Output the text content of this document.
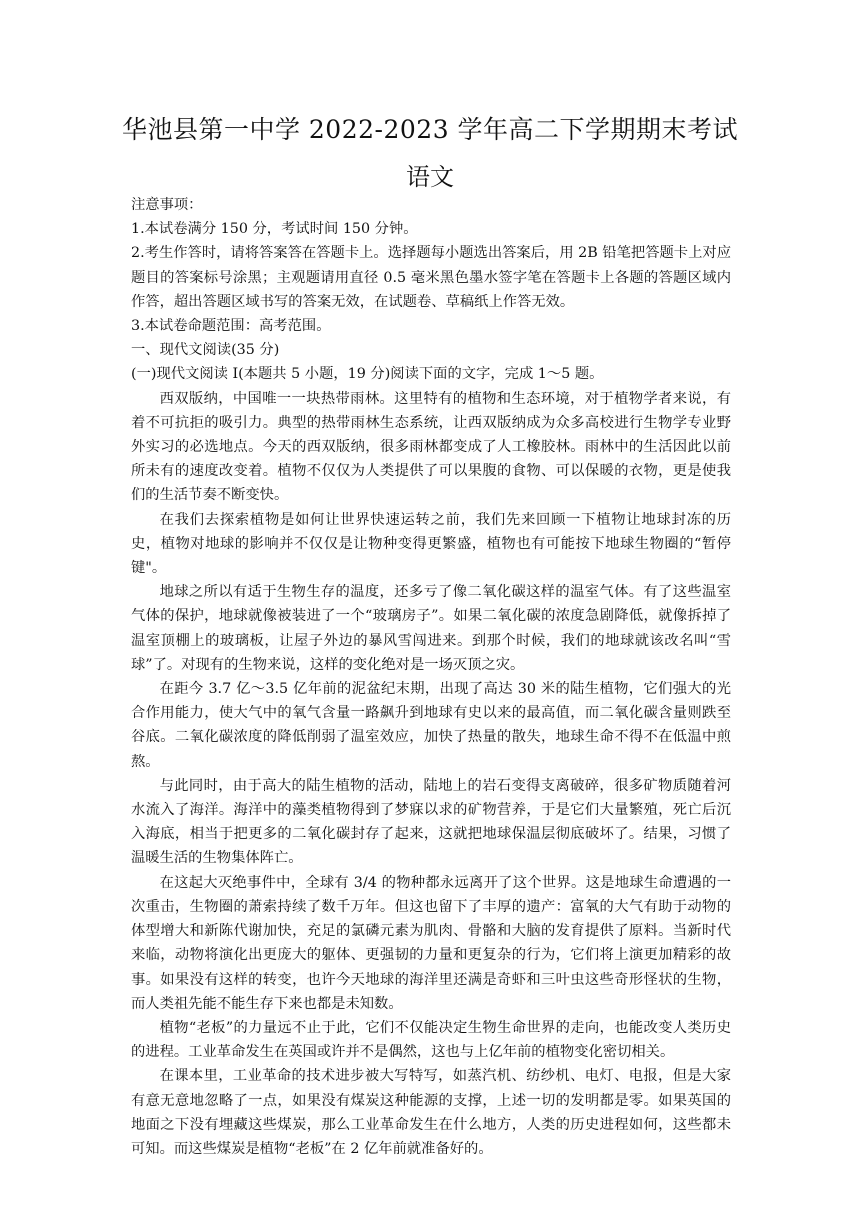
华池县第一中学 2022-2023 学年高二下学期期末考试
语文

注意事项：

1.本试卷满分 150 分，考试时间 150 分钟。

2.考生作答时，请将答案答在答题卡上。选择题每小题选出答案后，用 2B 铅笔把答题卡上对应题目的答案标号涂黑；主观题请用直径 0.5 毫米黑色墨水签字笔在答题卡上各题的答题区域内作答，超出答题区域书写的答案无效，在试题卷、草稿纸上作答无效。

3.本试卷命题范围：高考范围。

一、现代文阅读(35 分)

(一)现代文阅读 I(本题共 5 小题，19 分)阅读下面的文字，完成 1～5 题。

西双版纳，中国唯一一块热带雨林。这里特有的植物和生态环境，对于植物学者来说，有着不可抗拒的吸引力。典型的热带雨林生态系统，让西双版纳成为众多高校进行生物学专业野外实习的必选地点。今天的西双版纳，很多雨林都变成了人工橡胶林。雨林中的生活因此以前所未有的速度改变着。植物不仅仅为人类提供了可以果腹的食物、可以保暖的衣物，更是使我们的生活节奏不断变快。

在我们去探索植物是如何让世界快速运转之前，我们先来回顾一下植物让地球封冻的历史，植物对地球的影响并不仅仅是让物种变得更繁盛，植物也有可能按下地球生物圈的“暂停键"。

地球之所以有适于生物生存的温度，还多亏了像二氧化碳这样的温室气体。有了这些温室气体的保护，地球就像被装进了一个“玻璃房子”。如果二氧化碳的浓度急剧降低，就像拆掉了温室顶棚上的玻璃板，让屋子外边的暴风雪闯进来。到那个时候，我们的地球就该改名叫“雪球”了。对现有的生物来说，这样的变化绝对是一场灭顶之灾。

在距今 3.7 亿～3.5 亿年前的泥盆纪末期，出现了高达 30 米的陆生植物，它们强大的光合作用能力，使大气中的氧气含量一路飙升到地球有史以来的最高值，而二氧化碳含量则跌至谷底。二氧化碳浓度的降低削弱了温室效应，加快了热量的散失，地球生命不得不在低温中煎熬。

与此同时，由于高大的陆生植物的活动，陆地上的岩石变得支离破碎，很多矿物质随着河水流入了海洋。海洋中的藻类植物得到了梦寐以求的矿物营养，于是它们大量繁殖，死亡后沉入海底，相当于把更多的二氧化碳封存了起来，这就把地球保温层彻底破坏了。结果，习惯了温暖生活的生物集体阵亡。

在这起大灭绝事件中，全球有 3/4 的物种都永远离开了这个世界。这是地球生命遭遇的一次重击，生物圈的萧索持续了数千万年。但这也留下了丰厚的遗产：富氧的大气有助于动物的体型增大和新陈代谢加快，充足的氯磷元素为肌肉、骨骼和大脑的发育提供了原料。当新时代来临，动物将演化出更庞大的躯体、更强韧的力量和更复杂的行为，它们将上演更加精彩的故事。如果没有这样的转变，也许今天地球的海洋里还满是奇虾和三叶虫这些奇形怪状的生物，而人类祖先能不能生存下来也都是未知数。

植物“老板”的力量远不止于此，它们不仅能决定生物生命世界的走向，也能改变人类历史的进程。工业革命发生在英国或许并不是偶然，这也与上亿年前的植物变化密切相关。

在课本里，工业革命的技术进步被大写特写，如蒸汽机、纺纱机、电灯、电报，但是大家有意无意地忽略了一点，如果没有煤炭这种能源的支撑，上述一切的发明都是零。如果英国的地面之下没有埋藏这些煤炭，那么工业革命发生在什么地方，人类的历史进程如何，这些都未可知。而这些煤炭是植物“老板”在 2 亿年前就准备好的。
